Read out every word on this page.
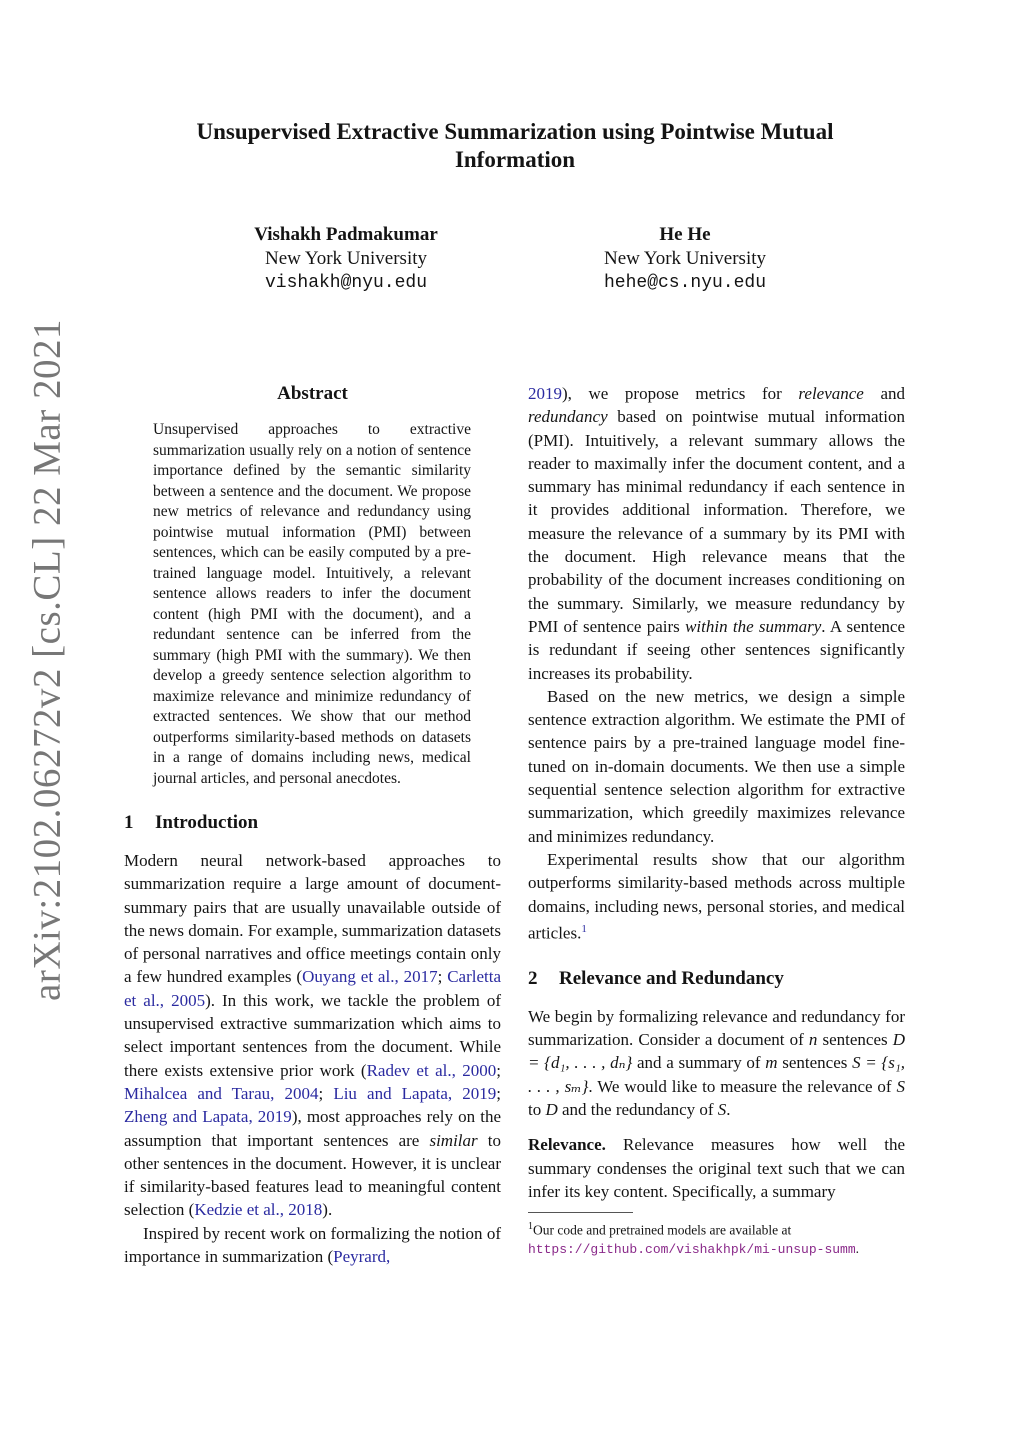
arXiv:2102.06272v2 [cs.CL] 22 Mar 2021
Unsupervised Extractive Summarization using Pointwise Mutual Information
Vishakh Padmakumar
New York University
vishakh@nyu.edu
He He
New York University
hehe@cs.nyu.edu
Abstract
Unsupervised approaches to extractive summarization usually rely on a notion of sentence importance defined by the semantic similarity between a sentence and the document. We propose new metrics of relevance and redundancy using pointwise mutual information (PMI) between sentences, which can be easily computed by a pre-trained language model. Intuitively, a relevant sentence allows readers to infer the document content (high PMI with the document), and a redundant sentence can be inferred from the summary (high PMI with the summary). We then develop a greedy sentence selection algorithm to maximize relevance and minimize redundancy of extracted sentences. We show that our method outperforms similarity-based methods on datasets in a range of domains including news, medical journal articles, and personal anecdotes.
1 Introduction

Modern neural network-based approaches to summarization require a large amount of document-summary pairs that are usually unavailable outside of the news domain. For example, summarization datasets of personal narratives and office meetings contain only a few hundred examples (Ouyang et al., 2017; Carletta et al., 2005). In this work, we tackle the problem of unsupervised extractive summarization which aims to select important sentences from the document. While there exists extensive prior work (Radev et al., 2000; Mihalcea and Tarau, 2004; Liu and Lapata, 2019; Zheng and Lapata, 2019), most approaches rely on the assumption that important sentences are similar to other sentences in the document. However, it is unclear if similarity-based features lead to meaningful content selection (Kedzie et al., 2018).

Inspired by recent work on formalizing the notion of importance in summarization (Peyrard,

2019), we propose metrics for relevance and redundancy based on pointwise mutual information (PMI). Intuitively, a relevant summary allows the reader to maximally infer the document content, and a summary has minimal redundancy if each sentence in it provides additional information. Therefore, we measure the relevance of a summary by its PMI with the document. High relevance means that the probability of the document increases conditioning on the summary. Similarly, we measure redundancy by PMI of sentence pairs within the summary. A sentence is redundant if seeing other sentences significantly increases its probability.

Based on the new metrics, we design a simple sentence extraction algorithm. We estimate the PMI of sentence pairs by a pre-trained language model fine-tuned on in-domain documents. We then use a simple sequential sentence selection algorithm for extractive summarization, which greedily maximizes relevance and minimizes redundancy.

Experimental results show that our algorithm outperforms similarity-based methods across multiple domains, including news, personal stories, and medical articles.$^1$

2 Relevance and Redundancy

We begin by formalizing relevance and redundancy for summarization. Consider a document of n sentences D = {d₁, . . . , dₙ} and a summary of m sentences S = {s₁, . . . , sₘ}. We would like to measure the relevance of S to D and the redundancy of S.

Relevance. Relevance measures how well the summary condenses the original text such that we can infer its key content. Specifically, a summary

$^1$Our code and pretrained models are available at https://github.com/vishakhpk/mi-unsup-summ.
